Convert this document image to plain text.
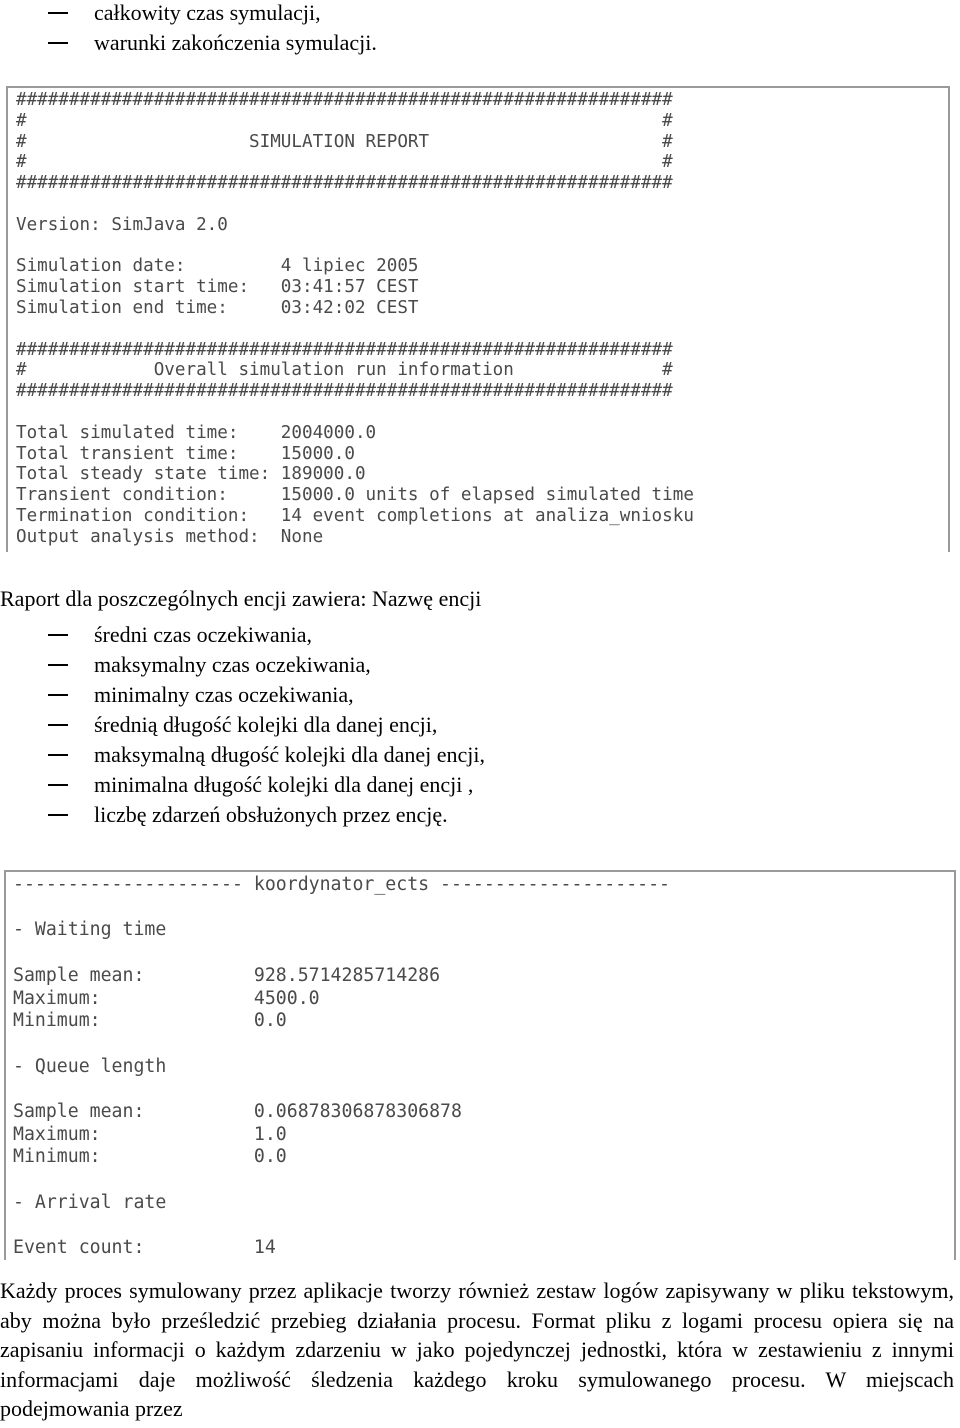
całkowity czas symulacji,
warunki zakończenia symulacji.

##############################################################
#                                                            #
#                     SIMULATION REPORT                      #
#                                                            #
##############################################################
Version: SimJava 2.0
Simulation date:         4 lipiec 2005
Simulation start time:   03:41:57 CEST
Simulation end time:     03:42:02 CEST
##############################################################
#            Overall simulation run information              #
##############################################################
Total simulated time:    2004000.0
Total transient time:    15000.0
Total steady state time: 189000.0
Transient condition:     15000.0 units of elapsed simulated time
Termination condition:   14 event completions at analiza_wniosku
Output analysis method:  None

Raport dla poszczególnych encji zawiera: Nazwę encji

średni czas oczekiwania,
maksymalny czas oczekiwania,
minimalny czas oczekiwania,
średnią długość kolejki dla danej encji,
maksymalną długość kolejki dla danej encji,
minimalna długość kolejki dla danej encji ,
liczbę zdarzeń obsłużonych przez encję.

--------------------- koordynator_ects ---------------------
- Waiting time
Sample mean:          928.5714285714286
Maximum:              4500.0
Minimum:              0.0
- Queue length
Sample mean:          0.06878306878306878
Maximum:              1.0
Minimum:              0.0
- Arrival rate
Event count:          14

Każdy proces symulowany przez aplikacje tworzy również zestaw logów zapisywany w pliku tekstowym, aby można było prześledzić przebieg działania procesu. Format pliku z logami procesu opiera się na zapisaniu informacji o każdym zdarzeniu w jako pojedynczej jednostki, która w zestawieniu z innymi informacjami daje możliwość śledzenia każdego kroku symulowanego procesu. W miejscach podejmowania przez
